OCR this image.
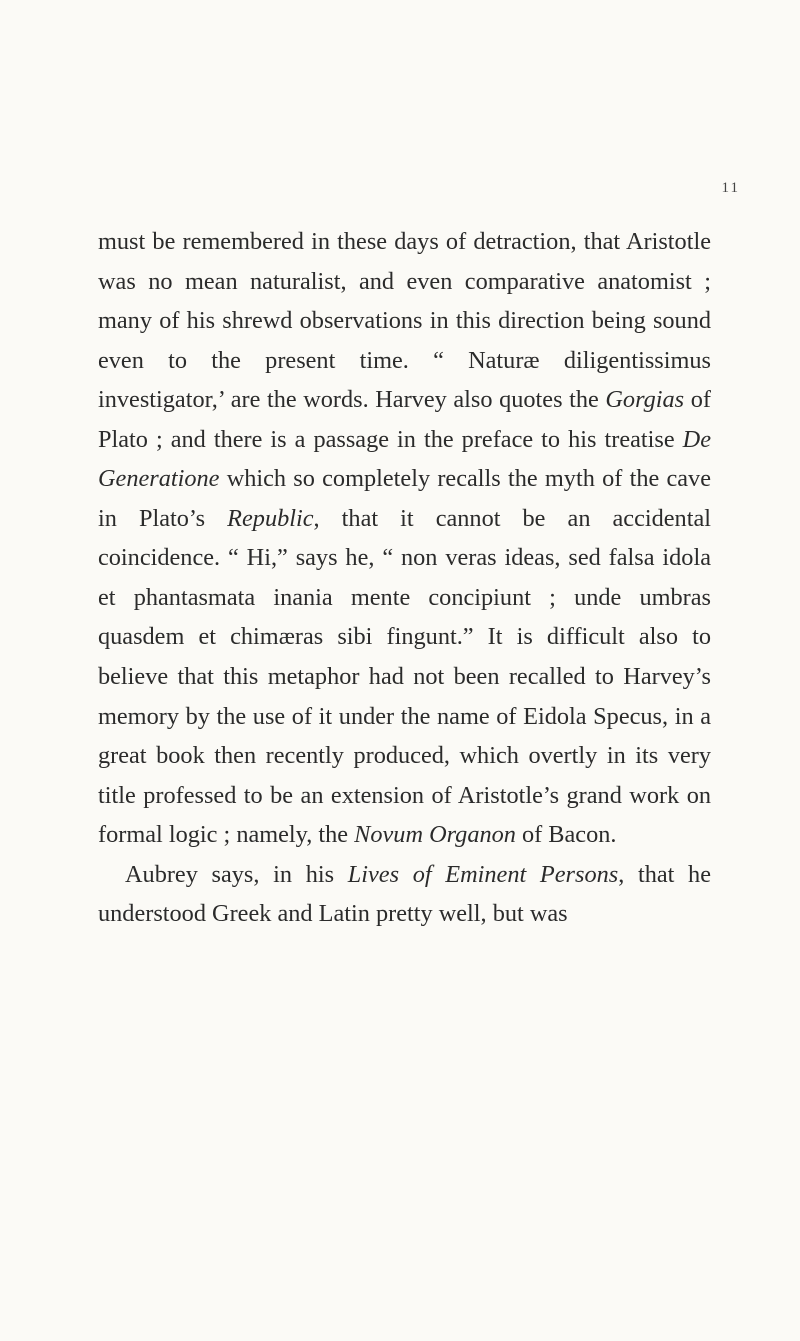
11

must be remembered in these days of detraction, that Aristotle was no mean naturalist, and even comparative anatomist ; many of his shrewd observations in this direction being sound even to the present time. “ Naturæ diligentissimus investigator,’ are the words. Harvey also quotes the Gorgias of Plato ; and there is a passage in the preface to his treatise De Generatione which so completely recalls the myth of the cave in Plato’s Republic, that it cannot be an accidental coincidence. “ Hi,” says he, “ non veras ideas, sed falsa idola et phantasmata inania mente concipiunt ; unde umbras quasdem et chimæras sibi fingunt.” It is difficult also to believe that this metaphor had not been recalled to Harvey’s memory by the use of it under the name of Eidola Specus, in a great book then recently produced, which overtly in its very title professed to be an extension of Aristotle’s grand work on formal logic ; namely, the Novum Organon of Bacon.

Aubrey says, in his Lives of Eminent Persons, that he understood Greek and Latin pretty well, but was
